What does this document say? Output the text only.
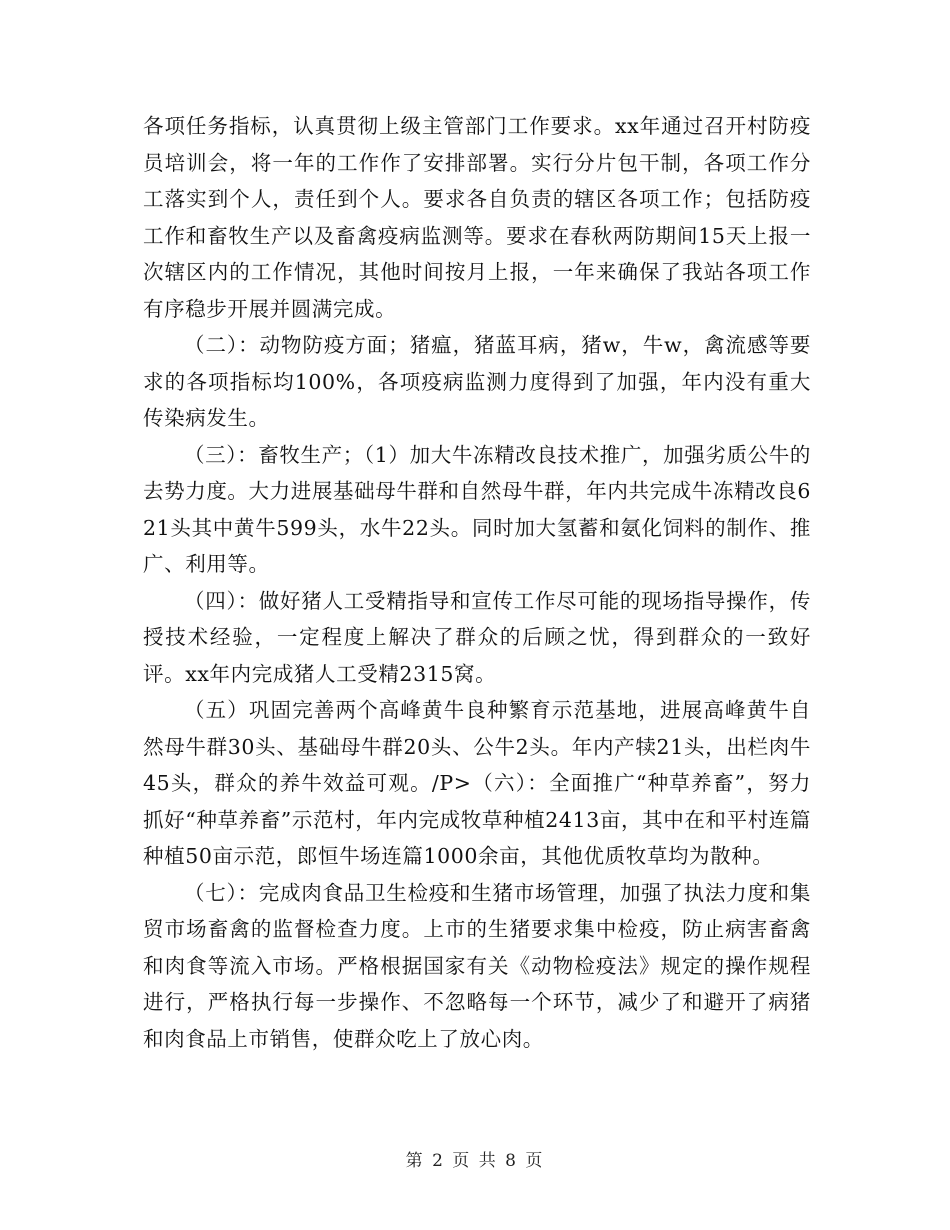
各项任务指标，认真贯彻上级主管部门工作要求。xx年通过召开村防疫员培训会，将一年的工作作了安排部署。实行分片包干制，各项工作分工落实到个人，责任到个人。要求各自负责的辖区各项工作；包括防疫工作和畜牧生产以及畜禽疫病监测等。要求在春秋两防期间15天上报一次辖区内的工作情况，其他时间按月上报，一年来确保了我站各项工作有序稳步开展并圆满完成。

（二）：动物防疫方面；猪瘟，猪蓝耳病，猪w，牛w，禽流感等要求的各项指标均100%，各项疫病监测力度得到了加强，年内没有重大传染病发生。

（三）：畜牧生产；（1）加大牛冻精改良技术推广，加强劣质公牛的去势力度。大力进展基础母牛群和自然母牛群，年内共完成牛冻精改良621头其中黄牛599头，水牛22头。同时加大氢蓄和氨化饲料的制作、推广、利用等。

（四）：做好猪人工受精指导和宣传工作尽可能的现场指导操作，传授技术经验，一定程度上解决了群众的后顾之忧，得到群众的一致好评。xx年内完成猪人工受精2315窝。

（五）巩固完善两个高峰黄牛良种繁育示范基地，进展高峰黄牛自然母牛群30头、基础母牛群20头、公牛2头。年内产犊21头，出栏肉牛45头，群众的养牛效益可观。/P>（六）：全面推广“种草养畜”，努力抓好“种草养畜”示范村，年内完成牧草种植2413亩，其中在和平村连篇种植50亩示范，郎恒牛场连篇1000余亩，其他优质牧草均为散种。

（七）：完成肉食品卫生检疫和生猪市场管理，加强了执法力度和集贸市场畜禽的监督检查力度。上市的生猪要求集中检疫，防止病害畜禽和肉食等流入市场。严格根据国家有关《动物检疫法》规定的操作规程进行，严格执行每一步操作、不忽略每一个环节，减少了和避开了病猪和肉食品上市销售，使群众吃上了放心肉。

第 2 页 共 8 页
